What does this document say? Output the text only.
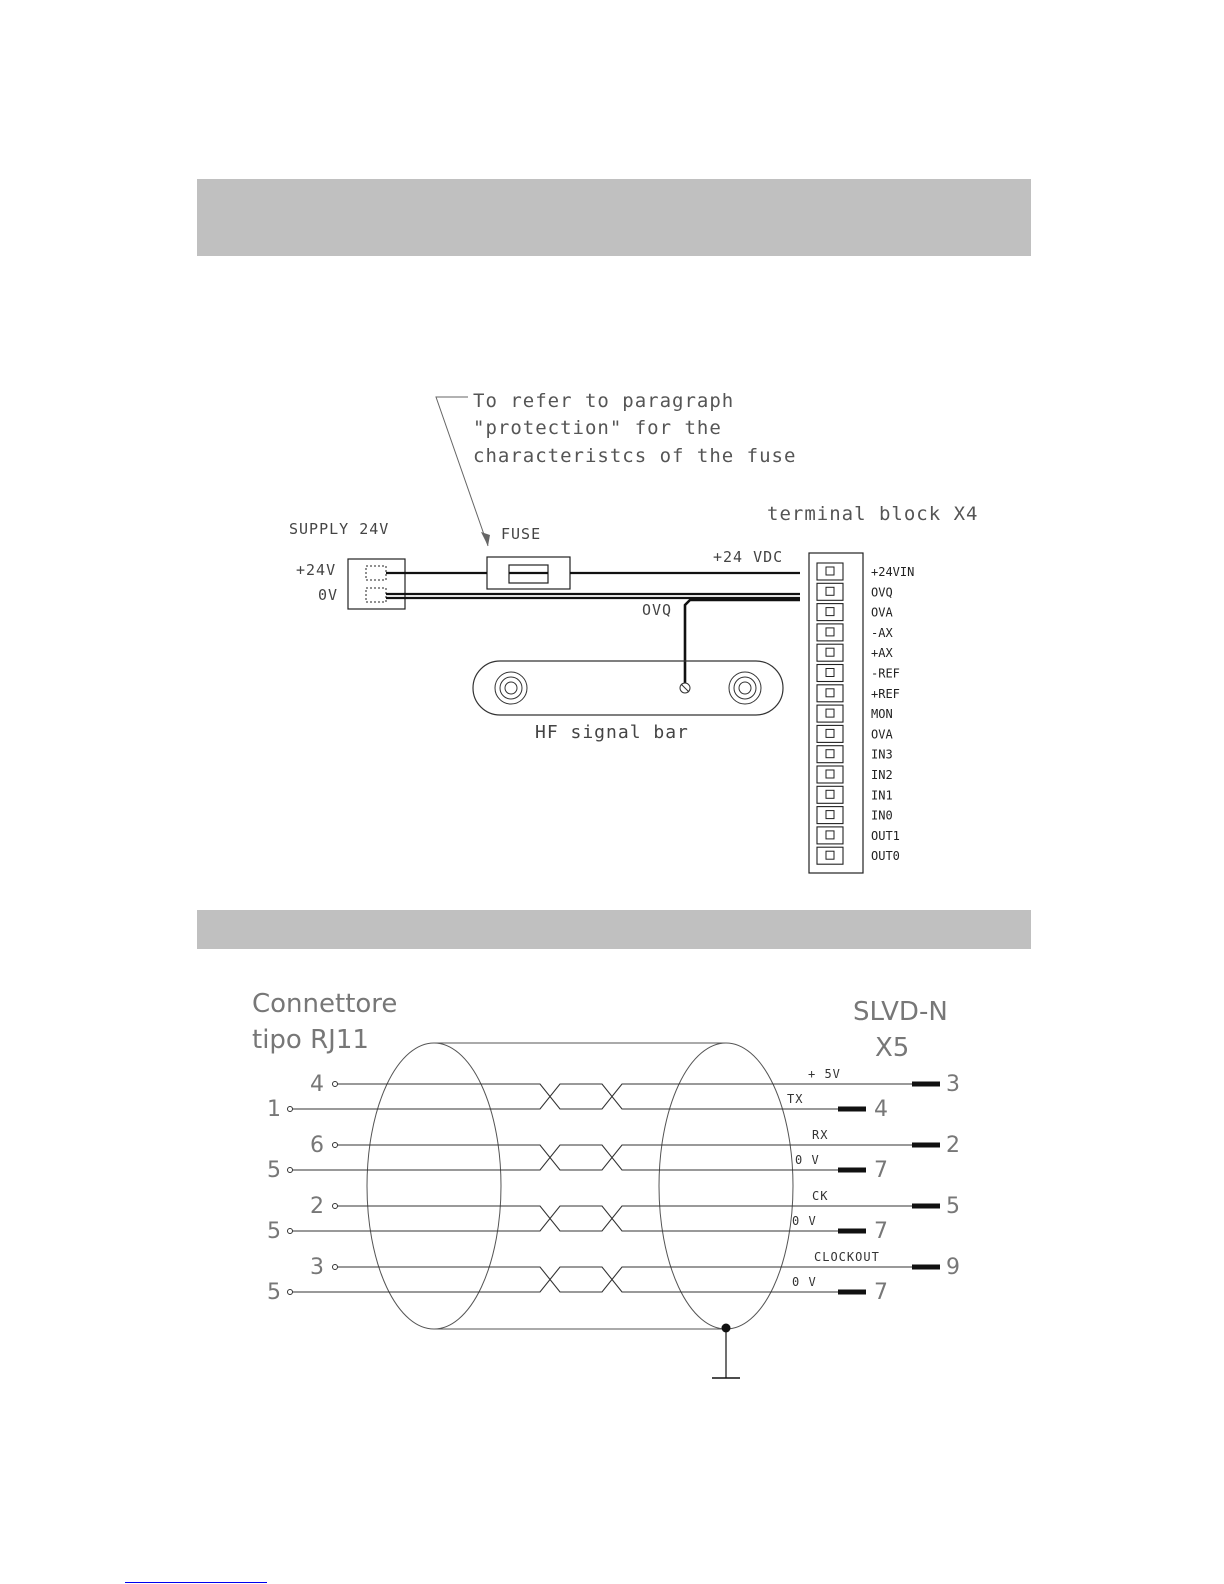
To refer to paragraph
"protection" for the
characteristcs of the fuse
SUPPLY 24V
+24V
0V
FUSE
+24 VDC
OVQ
HF signal bar
terminal block X4
+24VIN
OVQ
OVA
-AX
+AX
-REF
+REF
MON
OVA
IN3
IN2
IN1
IN0
OUT1
OUT0
Connettore
tipo RJ11
SLVD-N
X5
4
1
+ 5V
TX
3
4
6
5
RX
0 V
2
7
2
5
CK
0 V
5
7
3
5
CLOCKOUT
0 V
9
7
